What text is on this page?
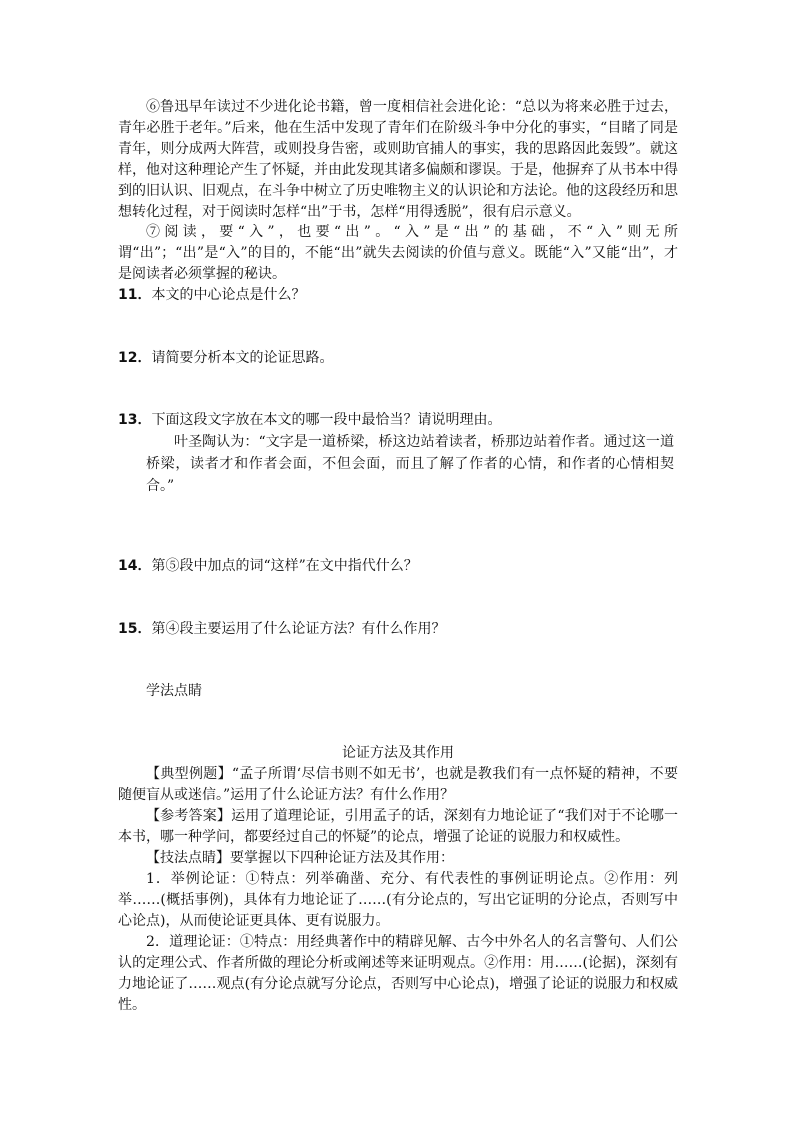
⑥鲁迅早年读过不少进化论书籍，曾一度相信社会进化论：“总以为将来必胜于过去，青年必胜于老年。”后来，他在生活中发现了青年们在阶级斗争中分化的事实，“目睹了同是青年，则分成两大阵营，或则投身告密，或则助官捕人的事实，我的思路因此轰毁”。就这样，他对这种理论产生了怀疑，并由此发现其诸多偏颇和谬误。于是，他摒弃了从书本中得到的旧认识、旧观点，在斗争中树立了历史唯物主义的认识论和方法论。他的这段经历和思想转化过程，对于阅读时怎样“出”于书，怎样“用得透脱”，很有启示意义。

⑦阅读，要“入”，也要“出”。“入”是“出”的基础，不“入”则无所谓“出”；“出”是“入”的目的，不能“出”就失去阅读的价值与意义。既能“入”又能“出”，才是阅读者必须掌握的秘诀。

11．本文的中心论点是什么？

12．请简要分析本文的论证思路。

13．下面这段文字放在本文的哪一段中最恰当？请说明理由。

叶圣陶认为：“文字是一道桥梁，桥这边站着读者，桥那边站着作者。通过这一道桥梁，读者才和作者会面，不但会面，而且了解了作者的心情，和作者的心情相契合。”

14．第⑤段中加点的词“这样”在文中指代什么？

15．第④段主要运用了什么论证方法？有什么作用？

学法点睛

论证方法及其作用

【典型例题】“孟子所谓‘尽信书则不如无书’，也就是教我们有一点怀疑的精神，不要随便盲从或迷信。”运用了什么论证方法？有什么作用？

【参考答案】运用了道理论证，引用孟子的话，深刻有力地论证了“我们对于不论哪一本书，哪一种学问，都要经过自己的怀疑”的论点，增强了论证的说服力和权威性。

【技法点睛】要掌握以下四种论证方法及其作用：

1．举例论证：①特点：列举确凿、充分、有代表性的事例证明论点。②作用：列举……(概括事例)，具体有力地论证了……(有分论点的，写出它证明的分论点，否则写中心论点)，从而使论证更具体、更有说服力。

2．道理论证：①特点：用经典著作中的精辟见解、古今中外名人的名言警句、人们公认的定理公式、作者所做的理论分析或阐述等来证明观点。②作用：用……(论据)，深刻有力地论证了……观点(有分论点就写分论点，否则写中心论点)，增强了论证的说服力和权威性。
